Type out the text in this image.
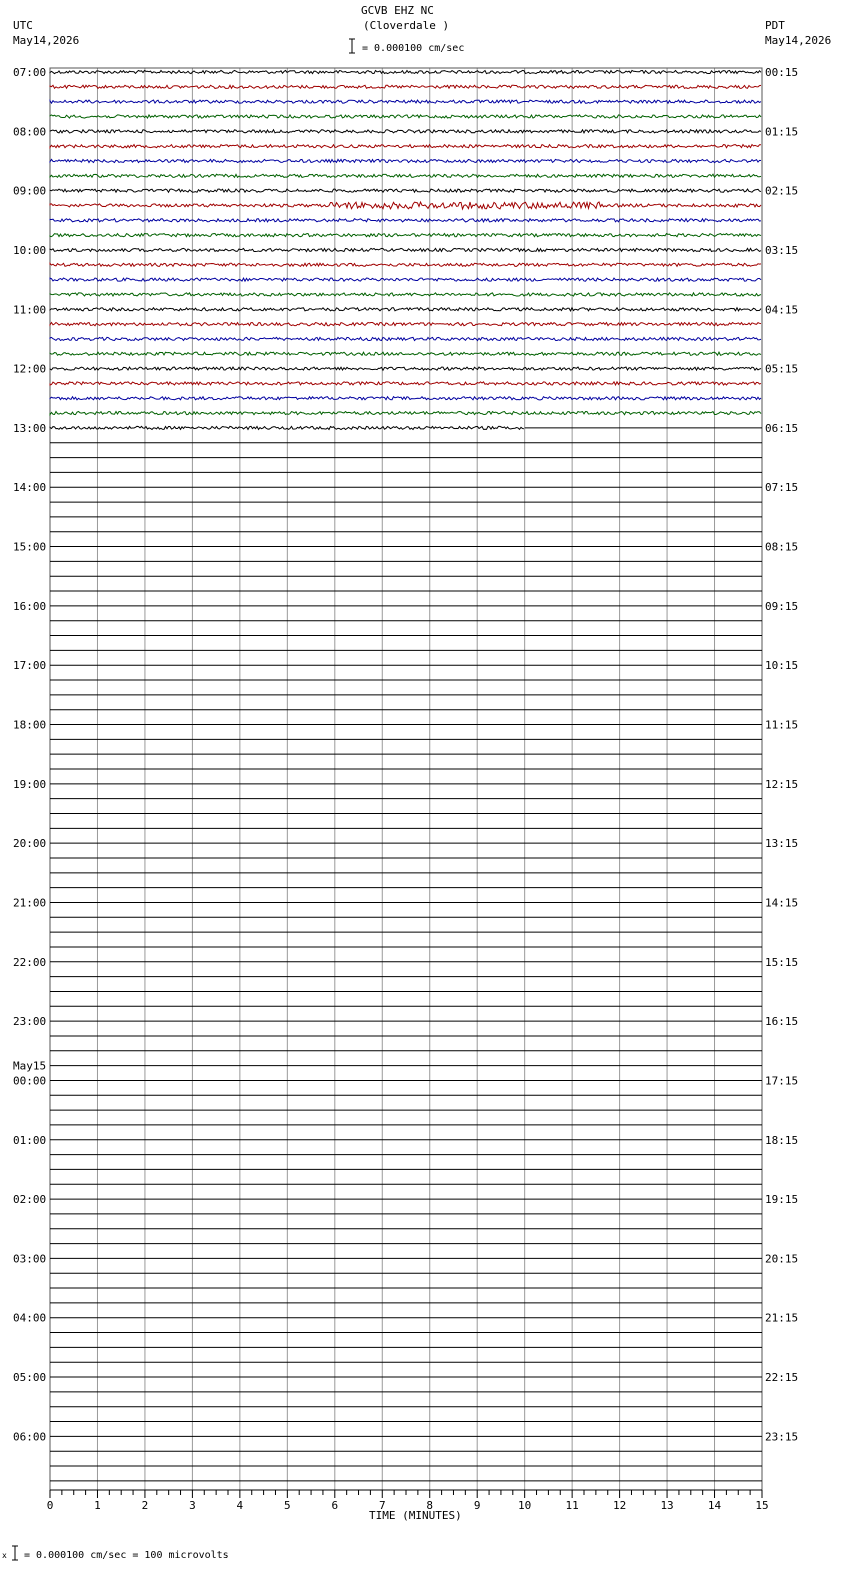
GCVB EHZ NC
(Cloverdale )
UTC
May14,2026
PDT
May14,2026
= 0.000100 cm/sec
07:00	00:15
08:00	01:15
09:00	02:15
10:00	03:15
11:00	04:15
12:00	05:15
13:00	06:15
14:00	07:15
15:00	08:15
16:00	09:15
17:00	10:15
18:00	11:15
19:00	12:15
20:00	13:15
21:00	14:15
22:00	15:15
23:00	16:15
00:00	17:15
May15
01:00	18:15
02:00	19:15
03:00	20:15
04:00	21:15
05:00	22:15
06:00	23:15
0	1	2	3	4	5	6	7	8	9	10	11	12	13	14	15
TIME (MINUTES)
x = 0.000100 cm/sec = 100 microvolts
